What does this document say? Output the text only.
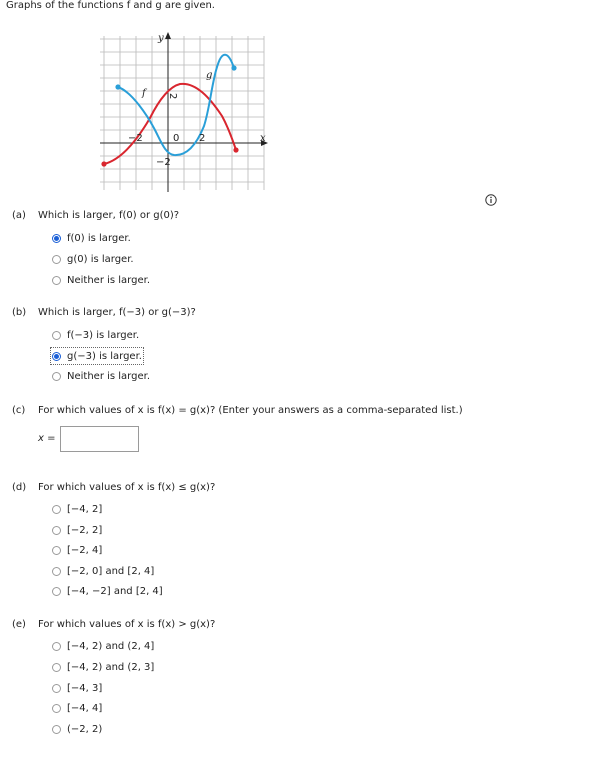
Graphs of the functions f and g are given.
y
x
f
g
−2	0 2
2
−2
(a) Which is larger, f(0) or g(0)?
f(0) is larger.
g(0) is larger.
Neither is larger.
(b) Which is larger, f(−3) or g(−3)?
f(−3) is larger.
g(−3) is larger.
Neither is larger.
(c) For which values of x is f(x) = g(x)? (Enter your answers as a comma-separated list.)
x =
(d) For which values of x is f(x) ≤ g(x)?
[−4, 2]
[−2, 2]
[−2, 4]
[−2, 0] and [2, 4]
[−4, −2] and [2, 4]
(e) For which values of x is f(x) > g(x)?
[−4, 2) and (2, 4]
[−4, 2) and (2, 3]
[−4, 3]
[−4, 4]
(−2, 2)
